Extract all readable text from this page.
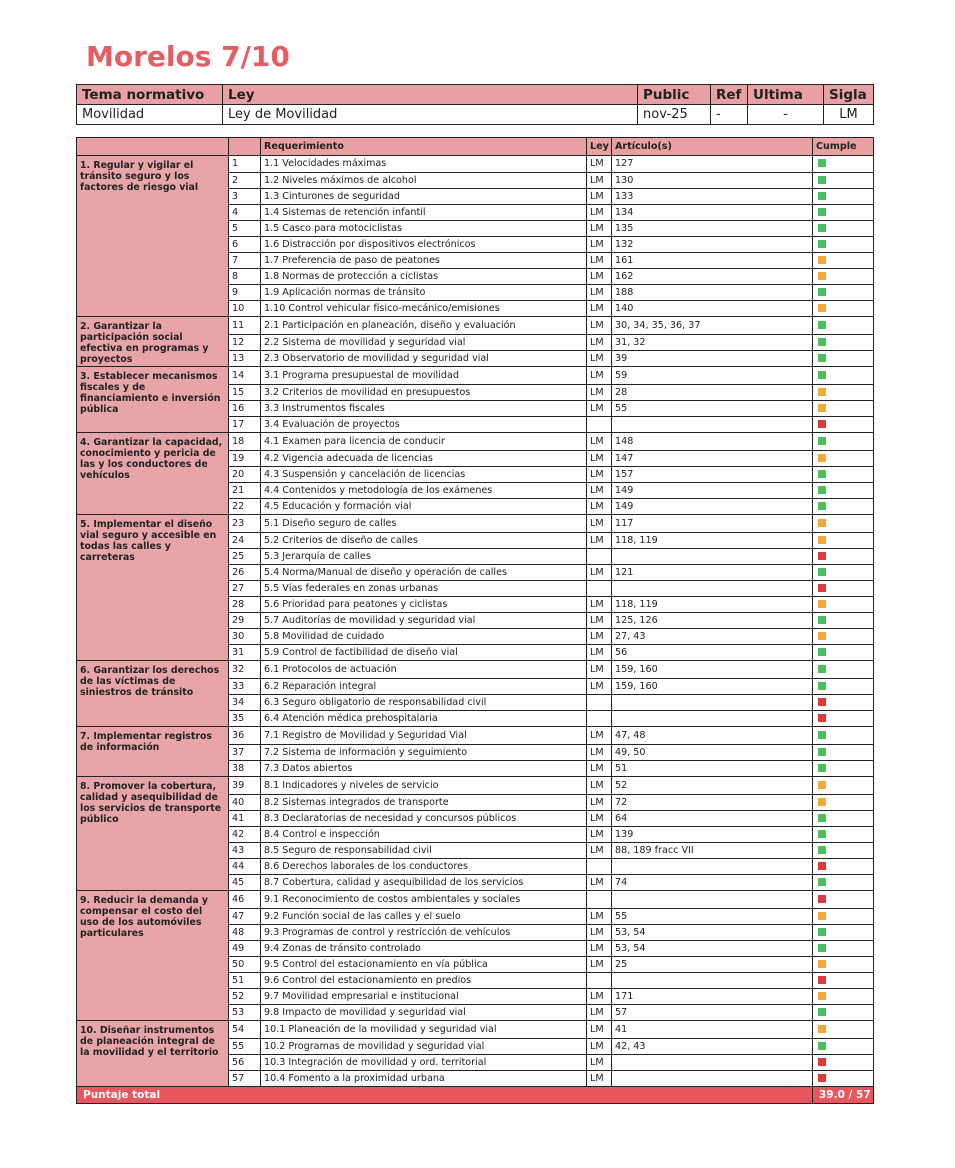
Morelos 7/10
Tema normativo	Ley	Public	Ref	Ultima	Sigla
Movilidad	Ley de Movilidad	nov-25	-	-	LM
		Requerimiento	Ley	Artículo(s)	Cumple
1. Regular y vigilar el tránsito seguro y los factores de riesgo vial	1	1.1 Velocidades máximas	LM	127	
	2	1.2 Niveles máximos de alcohol	LM	130	
	3	1.3 Cinturones de seguridad	LM	133	
	4	1.4 Sistemas de retención infantil	LM	134	
	5	1.5 Casco para motociclistas	LM	135	
	6	1.6 Distracción por dispositivos electrónicos	LM	132	
	7	1.7 Preferencia de paso de peatones	LM	161	
	8	1.8 Normas de protección a ciclistas	LM	162	
	9	1.9 Aplicación normas de tránsito	LM	188	
	10	1.10 Control vehicular físico-mecánico/emisiones	LM	140	
2. Garantizar la participación social efectiva en programas y proyectos	11	2.1 Participación en planeación, diseño y evaluación	LM	30, 34, 35, 36, 37	
	12	2.2 Sistema de movilidad y seguridad vial	LM	31, 32	
	13	2.3 Observatorio de movilidad y seguridad vial	LM	39	
3. Establecer mecanismos fiscales y de financiamiento e inversión pública	14	3.1 Programa presupuestal de movilidad	LM	59	
	15	3.2 Criterios de movilidad en presupuestos	LM	28	
	16	3.3 Instrumentos fiscales	LM	55	
	17	3.4 Evaluación de proyectos			
4. Garantizar la capacidad, conocimiento y pericia de las y los conductores de vehículos	18	4.1 Examen para licencia de conducir	LM	148	
	19	4.2 Vigencia adecuada de licencias	LM	147	
	20	4.3 Suspensión y cancelación de licencias	LM	157	
	21	4.4 Contenidos y metodología de los exámenes	LM	149	
	22	4.5 Educación y formación vial	LM	149	
5. Implementar el diseño vial seguro y accesible en todas las calles y carreteras	23	5.1 Diseño seguro de calles	LM	117	
	24	5.2 Criterios de diseño de calles	LM	118, 119	
	25	5.3 Jerarquía de calles			
	26	5.4 Norma/Manual de diseño y operación de calles	LM	121	
	27	5.5 Vías federales en zonas urbanas			
	28	5.6 Prioridad para peatones y ciclistas	LM	118, 119	
	29	5.7 Auditorías de movilidad y seguridad vial	LM	125, 126	
	30	5.8 Movilidad de cuidado	LM	27, 43	
	31	5.9 Control de factibilidad de diseño vial	LM	56	
6. Garantizar los derechos de las víctimas de siniestros de tránsito	32	6.1 Protocolos de actuación	LM	159, 160	
	33	6.2 Reparación integral	LM	159, 160	
	34	6.3 Seguro obligatorio de responsabilidad civil			
	35	6.4 Atención médica prehospitalaria			
7. Implementar registros de información	36	7.1 Registro de Movilidad y Seguridad Vial	LM	47, 48	
	37	7.2 Sistema de información y seguimiento	LM	49, 50	
	38	7.3 Datos abiertos	LM	51	
8. Promover la cobertura, calidad y asequibilidad de los servicios de transporte público	39	8.1 Indicadores y niveles de servicio	LM	52	
	40	8.2 Sistemas integrados de transporte	LM	72	
	41	8.3 Declaratorias de necesidad y concursos públicos	LM	64	
	42	8.4 Control e inspección	LM	139	
	43	8.5 Seguro de responsabilidad civil	LM	88, 189 fracc VII	
	44	8.6 Derechos laborales de los conductores			
	45	8.7 Cobertura, calidad y asequibilidad de los servicios	LM	74	
9. Reducir la demanda y compensar el costo del uso de los automóviles particulares	46	9.1 Reconocimiento de costos ambientales y sociales			
	47	9.2 Función social de las calles y el suelo	LM	55	
	48	9.3 Programas de control y restricción de vehículos	LM	53, 54	
	49	9.4 Zonas de tránsito controlado	LM	53, 54	
	50	9.5 Control del estacionamiento en vía pública	LM	25	
	51	9.6 Control del estacionamiento en predios			
	52	9.7 Movilidad empresarial e institucional	LM	171	
	53	9.8 Impacto de movilidad y seguridad vial	LM	57	
10. Diseñar instrumentos de planeación integral de la movilidad y el territorio	54	10.1 Planeación de la movilidad y seguridad vial	LM	41	
	55	10.2 Programas de movilidad y seguridad vial	LM	42, 43	
	56	10.3 Integración de movilidad y ord. territorial	LM		
	57	10.4 Fomento a la proximidad urbana	LM		
Puntaje total					39.0 / 57
